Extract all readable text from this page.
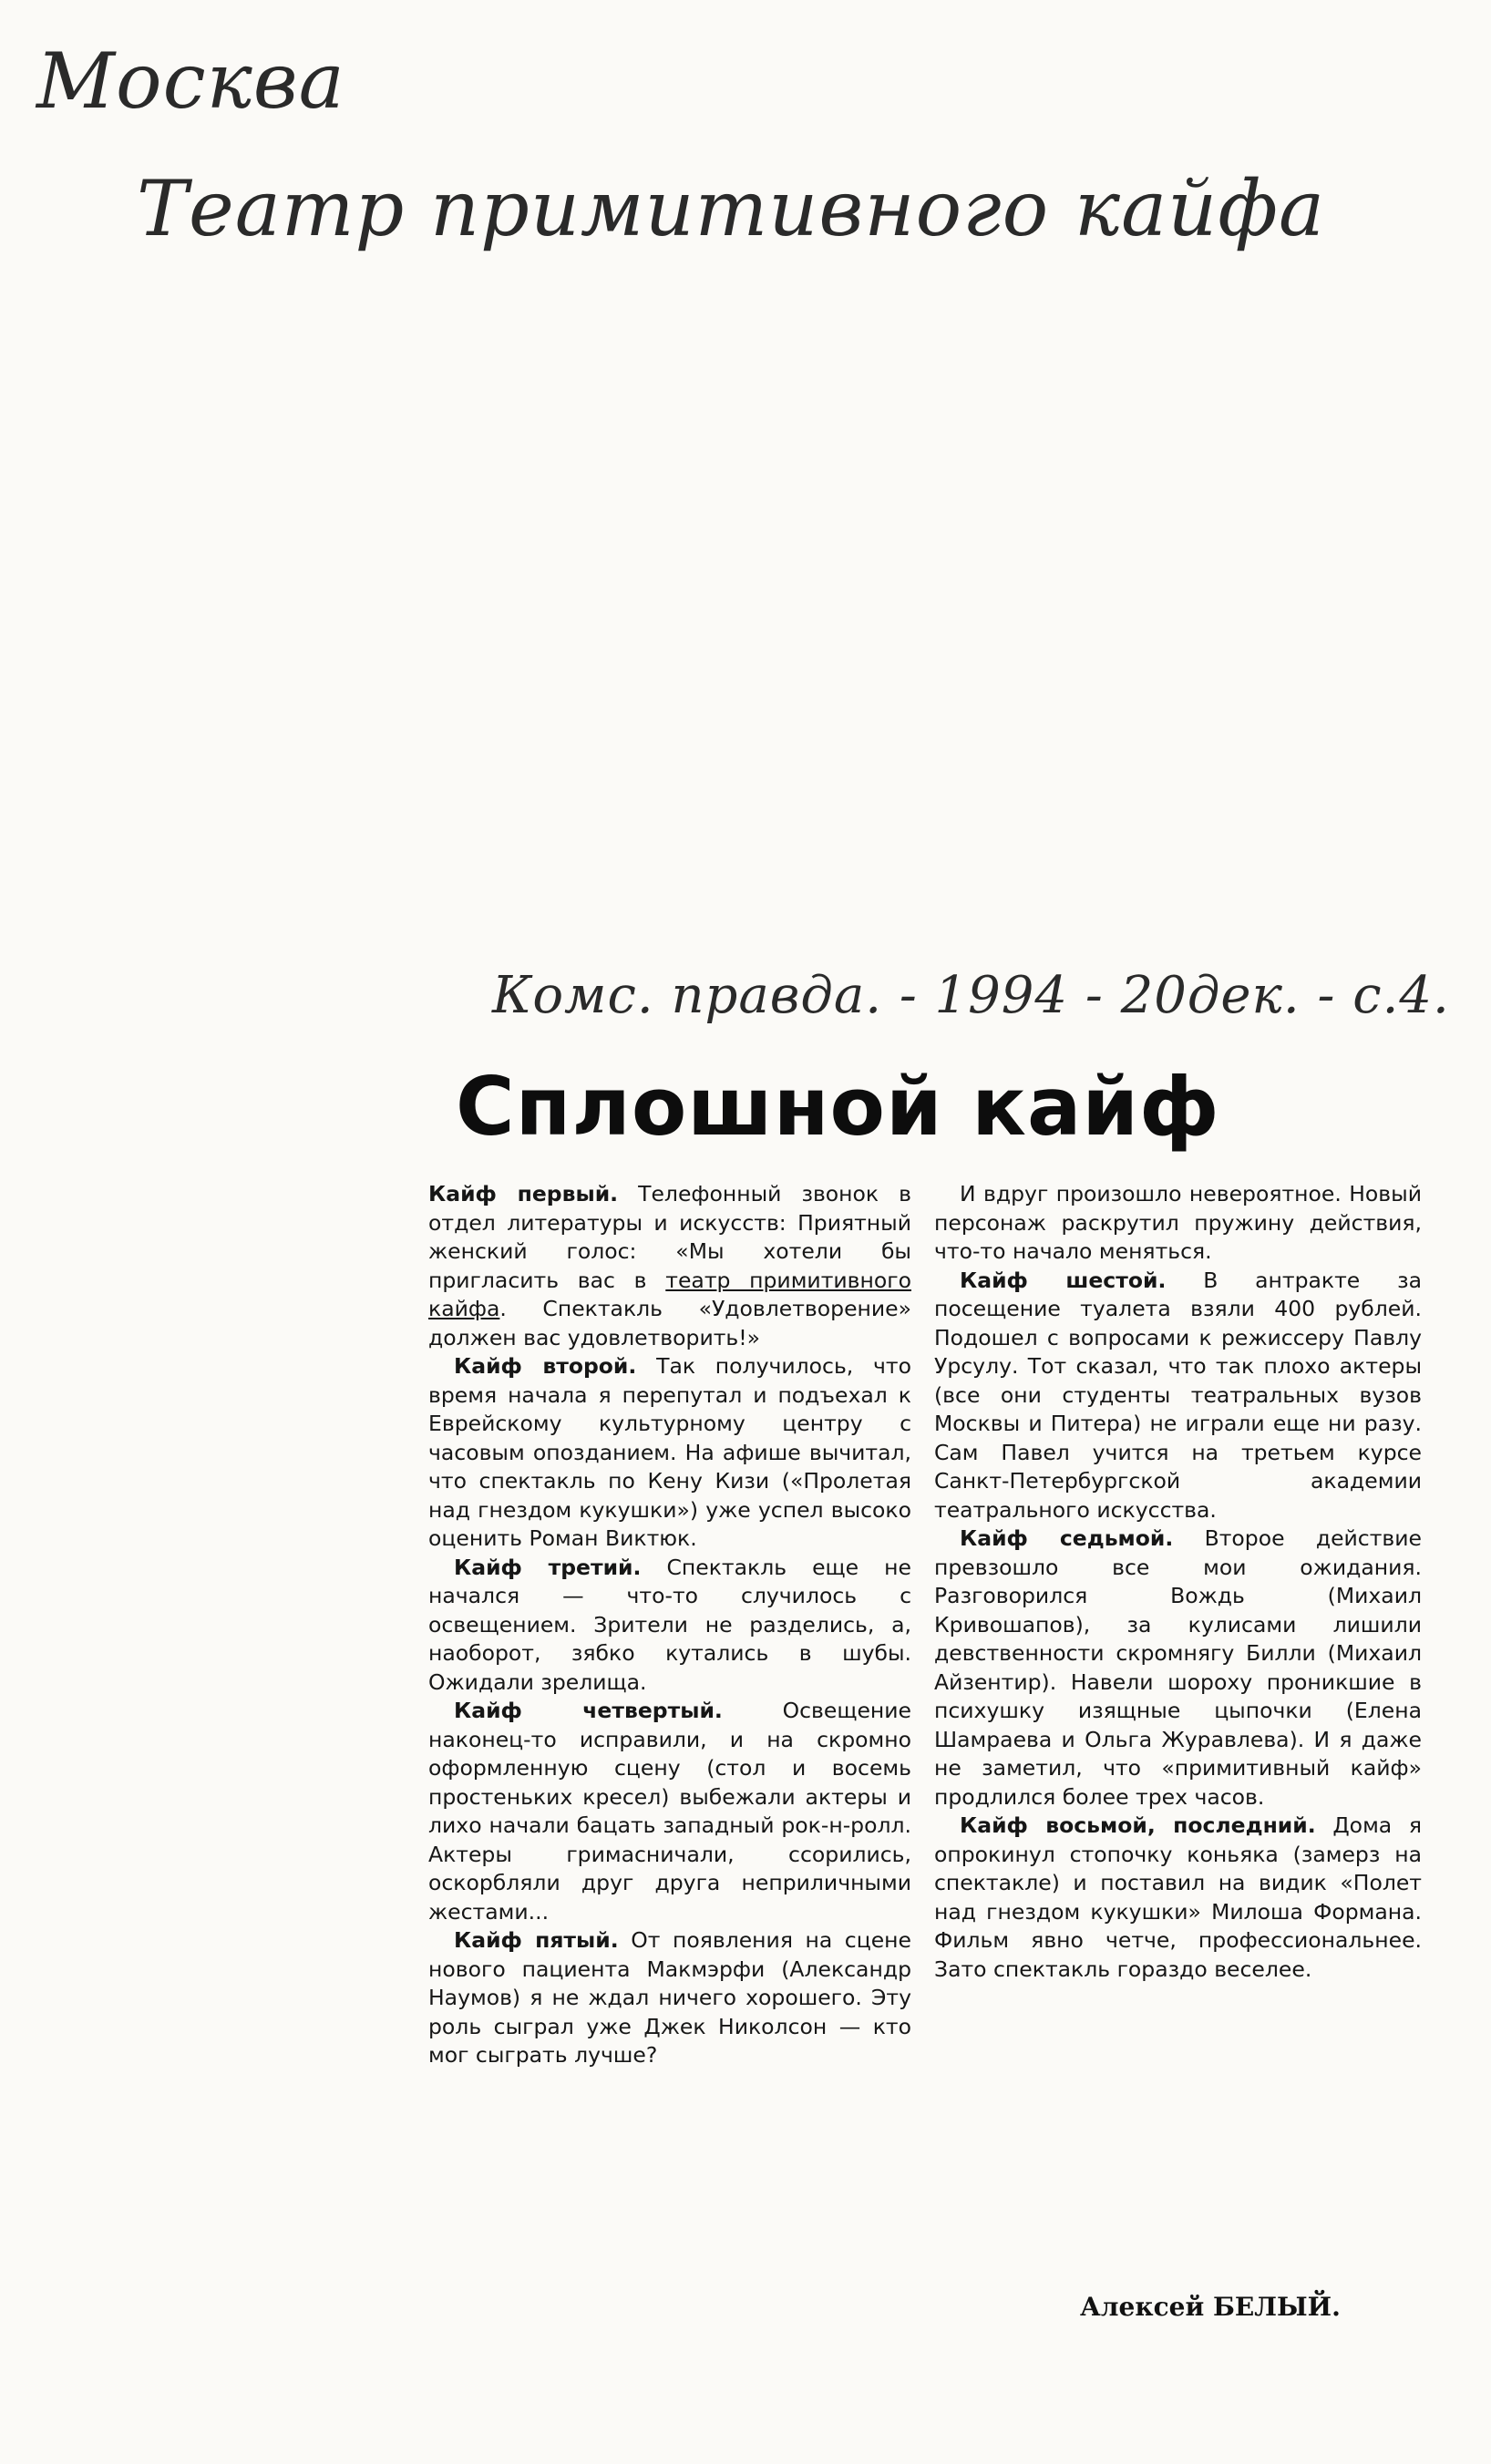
Москва
Театр примитивного кайфа
Комс. правда. - 1994 - 20дек. - с.4.
Сплошной кайф

Кайф первый. Телефонный звонок в отдел литературы и искусств: Приятный женский голос: «Мы хотели бы пригласить вас в театр примитивного кайфа. Спектакль «Удовлетворение» должен вас удовлетворить!»

Кайф второй. Так получилось, что время начала я перепутал и подъехал к Еврейскому культурному центру с часовым опозданием. На афише вычитал, что спектакль по Кену Кизи («Пролетая над гнездом кукушки») уже успел высоко оценить Роман Виктюк.

Кайф третий. Спектакль еще не начался — что-то случилось с освещением. Зрители не разделись, а, наоборот, зябко кутались в шубы. Ожидали зрелища.

Кайф четвертый. Освещение наконец-то исправили, и на скромно оформленную сцену (стол и восемь простеньких кресел) выбежали актеры и лихо начали бацать западный рок-н-ролл. Актеры гримасничали, ссорились, оскорбляли друг друга неприличными жестами...

Кайф пятый. От появления на сцене нового пациента Макмэрфи (Александр Наумов) я не ждал ничего хорошего. Эту роль сыграл уже Джек Николсон — кто мог сыграть лучше?

И вдруг произошло невероятное. Новый персонаж раскрутил пружину действия, что-то начало меняться.

Кайф шестой. В антракте за посещение туалета взяли 400 рублей. Подошел с вопросами к режиссеру Павлу Урсулу. Тот сказал, что так плохо актеры (все они студенты театральных вузов Москвы и Питера) не играли еще ни разу. Сам Павел учится на третьем курсе Санкт-Петербургской академии театрального искусства.

Кайф седьмой. Второе действие превзошло все мои ожидания. Разговорился Вождь (Михаил Кривошапов), за кулисами лишили девственности скромнягу Билли (Михаил Айзентир). Навели шороху проникшие в психушку изящные цыпочки (Елена Шамраева и Ольга Журавлева). И я даже не заметил, что «примитивный кайф» продлился более трех часов.

Кайф восьмой, последний. Дома я опрокинул стопочку коньяка (замерз на спектакле) и поставил на видик «Полет над гнездом кукушки» Милоша Формана. Фильм явно четче, профессиональнее. Зато спектакль гораздо веселее.

Алексей БЕЛЫЙ.
